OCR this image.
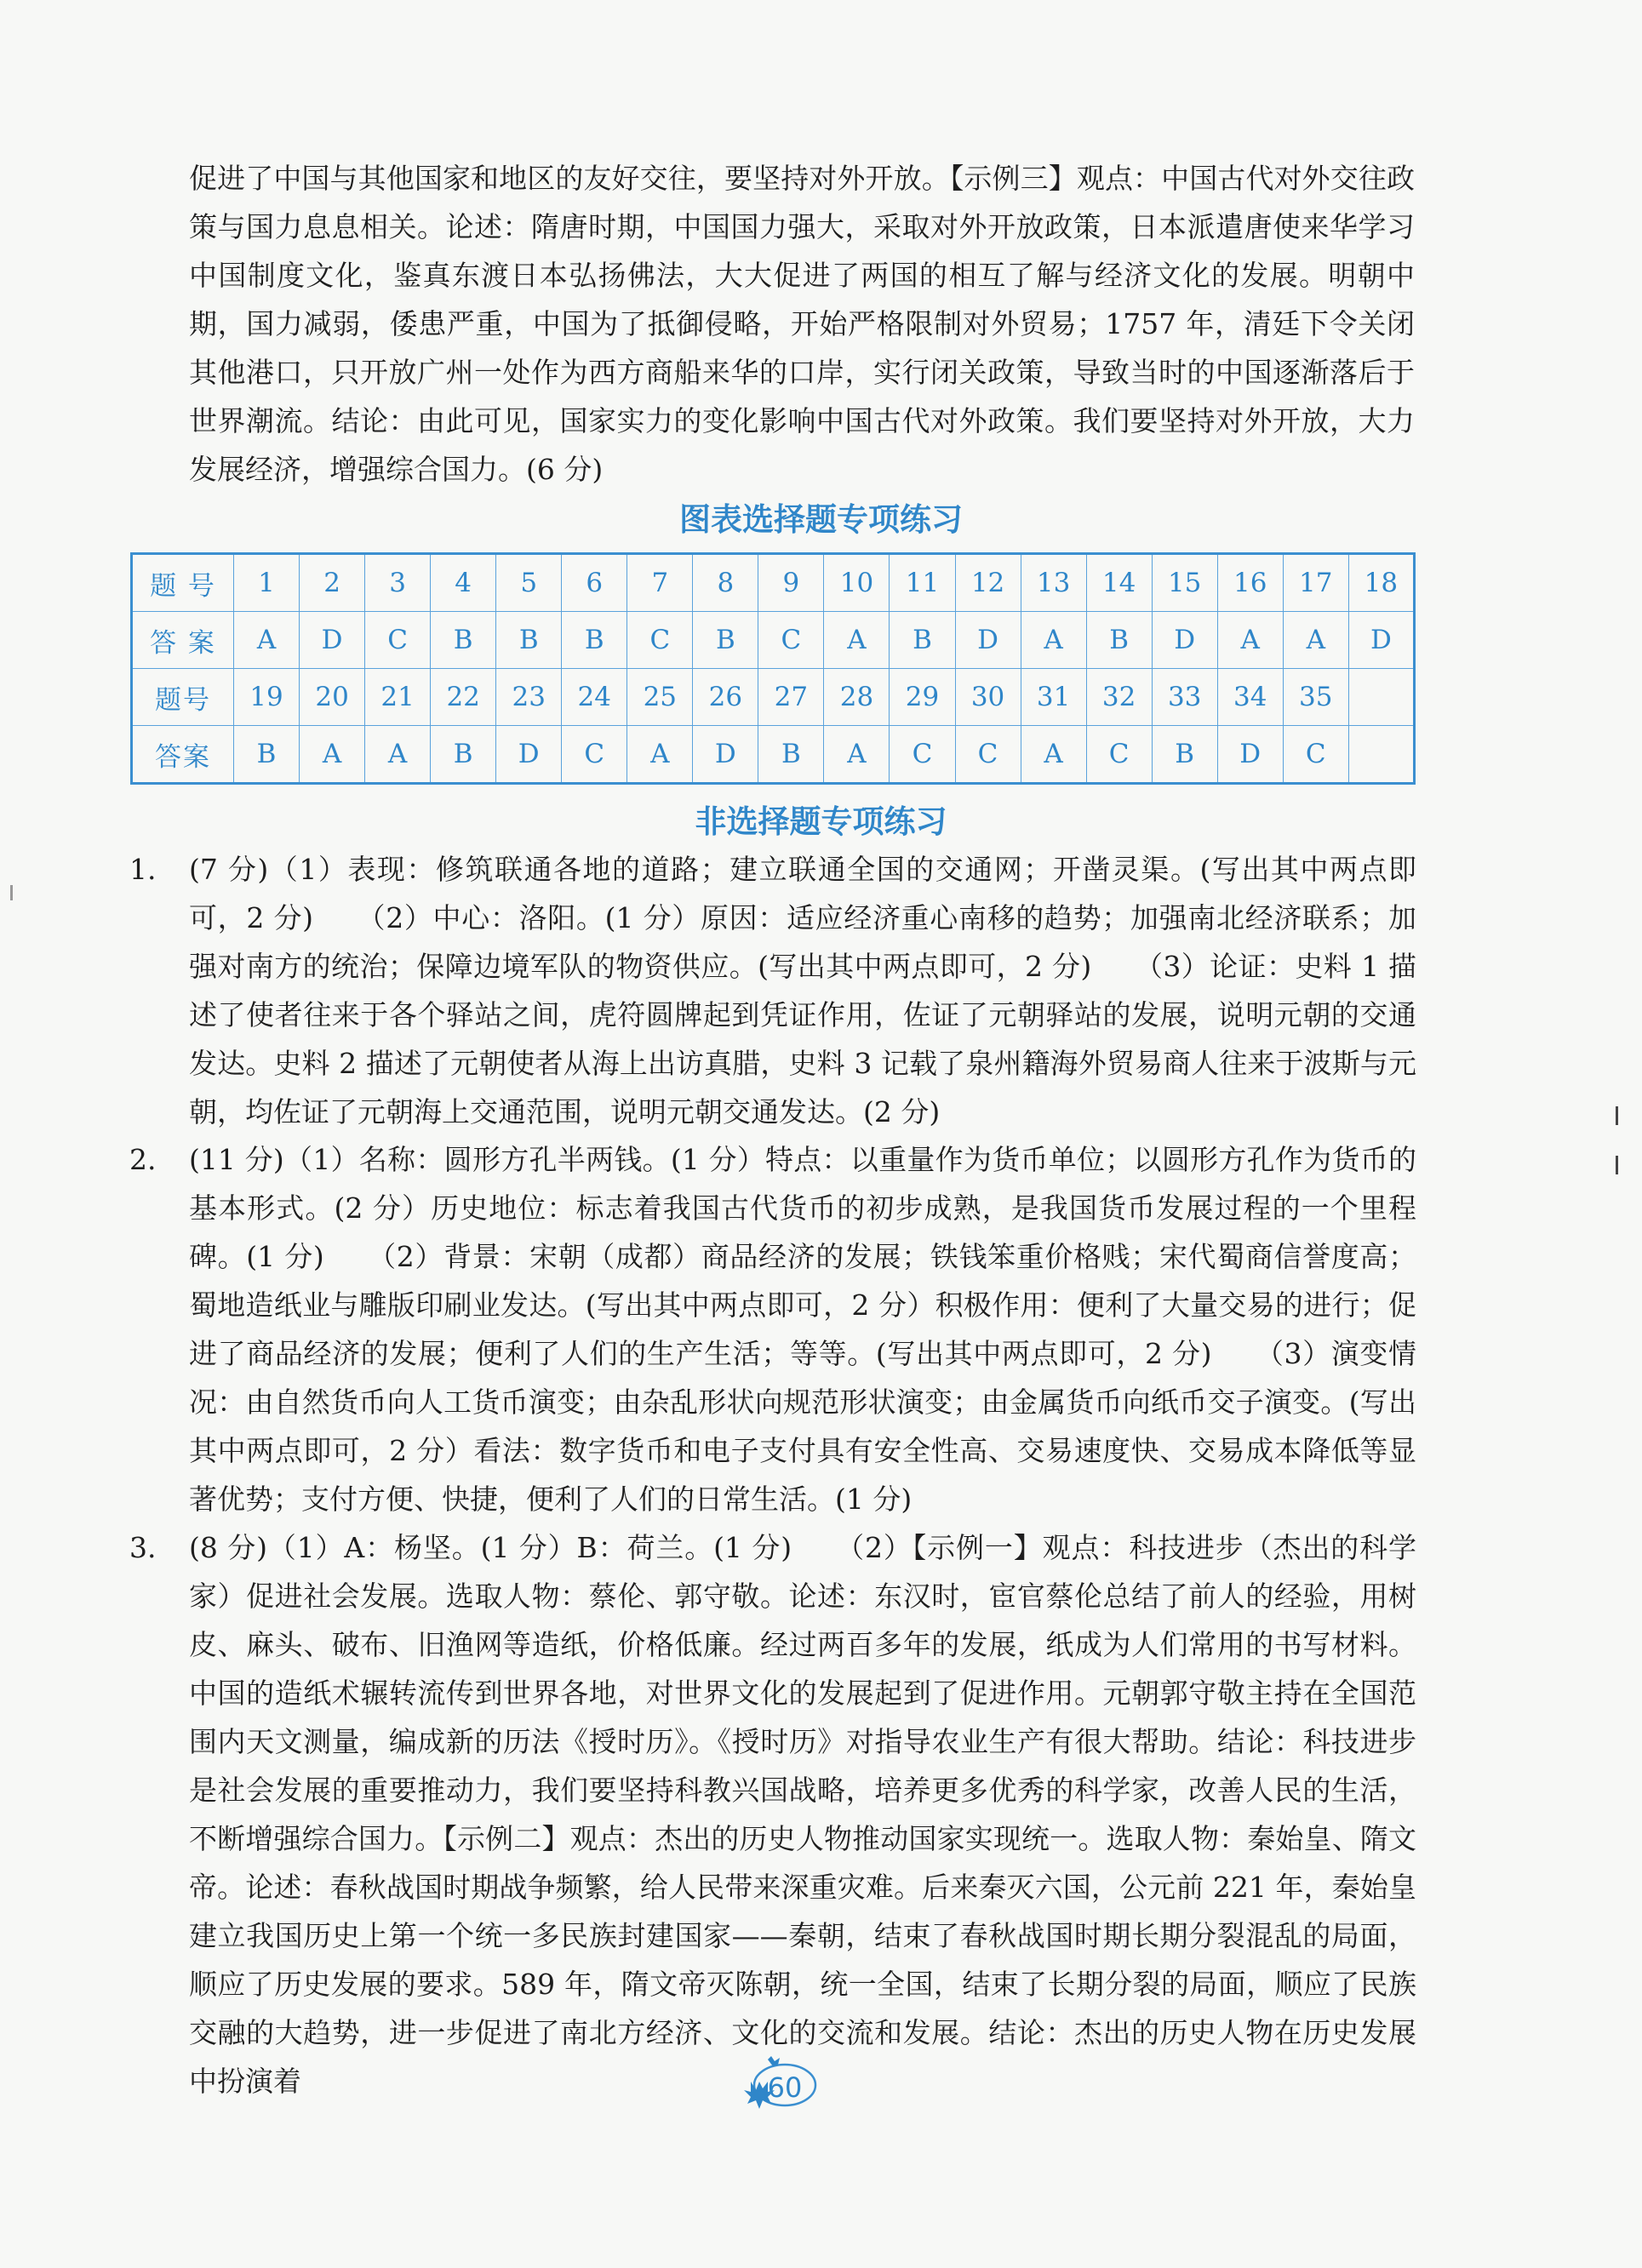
促进了中国与其他国家和地区的友好交往，要坚持对外开放。【示例三】观点：中国古代对外交往政策与国力息息相关。论述：隋唐时期，中国国力强大，采取对外开放政策，日本派遣唐使来华学习中国制度文化，鉴真东渡日本弘扬佛法，大大促进了两国的相互了解与经济文化的发展。明朝中期，国力减弱，倭患严重，中国为了抵御侵略，开始严格限制对外贸易；1757 年，清廷下令关闭其他港口，只开放广州一处作为西方商船来华的口岸，实行闭关政策，导致当时的中国逐渐落后于世界潮流。结论：由此可见，国家实力的变化影响中国古代对外政策。我们要坚持对外开放，大力发展经济，增强综合国力。(6 分)

图表选择题专项练习
题 号	1	2	3	4	5	6	7	8	9	10	11	12	13	14	15	16	17	18
答 案	A	D	C	B	B	B	C	B	C	A	B	D	A	B	D	A	A	D
题号	19	20	21	22	23	24	25	26	27	28	29	30	31	32	33	34	35	
答案	B	A	A	B	D	C	A	D	B	A	C	C	A	C	B	D	C	
非选择题专项练习
1.	(7 分)（1）表现：修筑联通各地的道路；建立联通全国的交通网；开凿灵渠。(写出其中两点即可，2 分)　　（2）中心：洛阳。(1 分）原因：适应经济重心南移的趋势；加强南北经济联系；加强对南方的统治；保障边境军队的物资供应。(写出其中两点即可，2 分)　　（3）论证：史料 1 描述了使者往来于各个驿站之间，虎符圆牌起到凭证作用，佐证了元朝驿站的发展，说明元朝的交通发达。史料 2 描述了元朝使者从海上出访真腊，史料 3 记载了泉州籍海外贸易商人往来于波斯与元朝，均佐证了元朝海上交通范围，说明元朝交通发达。(2 分)

2.	(11 分)（1）名称：圆形方孔半两钱。(1 分）特点：以重量作为货币单位；以圆形方孔作为货币的基本形式。(2 分）历史地位：标志着我国古代货币的初步成熟，是我国货币发展过程的一个里程碑。(1 分)　　（2）背景：宋朝（成都）商品经济的发展；铁钱笨重价格贱；宋代蜀商信誉度高；蜀地造纸业与雕版印刷业发达。(写出其中两点即可，2 分）积极作用：便利了大量交易的进行；促进了商品经济的发展；便利了人们的生产生活；等等。(写出其中两点即可，2 分)　　（3）演变情况：由自然货币向人工货币演变；由杂乱形状向规范形状演变；由金属货币向纸币交子演变。(写出其中两点即可，2 分）看法：数字货币和电子支付具有安全性高、交易速度快、交易成本降低等显著优势；支付方便、快捷，便利了人们的日常生活。(1 分)

3.	(8 分)（1）A：杨坚。(1 分）B：荷兰。(1 分)　　（2）【示例一】观点：科技进步（杰出的科学家）促进社会发展。选取人物：蔡伦、郭守敬。论述：东汉时，宦官蔡伦总结了前人的经验，用树皮、麻头、破布、旧渔网等造纸，价格低廉。经过两百多年的发展，纸成为人们常用的书写材料。中国的造纸术辗转流传到世界各地，对世界文化的发展起到了促进作用。元朝郭守敬主持在全国范围内天文测量，编成新的历法《授时历》。《授时历》对指导农业生产有很大帮助。结论：科技进步是社会发展的重要推动力，我们要坚持科教兴国战略，培养更多优秀的科学家，改善人民的生活，不断增强综合国力。【示例二】观点：杰出的历史人物推动国家实现统一。选取人物：秦始皇、隋文帝。论述：春秋战国时期战争频繁，给人民带来深重灾难。后来秦灭六国，公元前 221 年，秦始皇建立我国历史上第一个统一多民族封建国家——秦朝，结束了春秋战国时期长期分裂混乱的局面，顺应了历史发展的要求。589 年，隋文帝灭陈朝，统一全国，结束了长期分裂的局面，顺应了民族交融的大趋势，进一步促进了南北方经济、文化的交流和发展。结论：杰出的历史人物在历史发展中扮演着	60
